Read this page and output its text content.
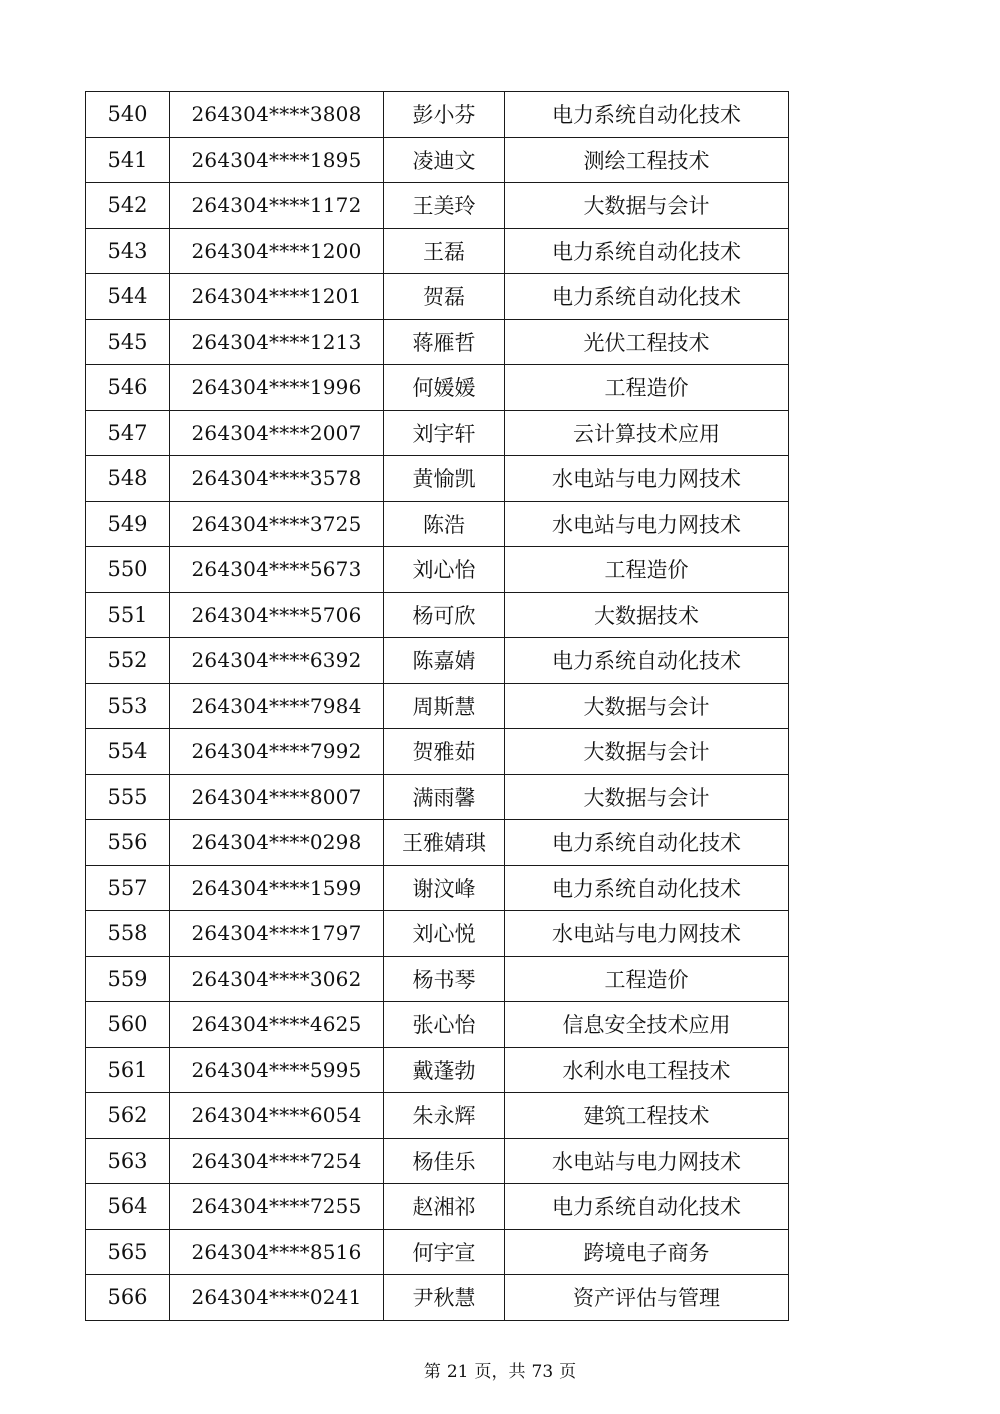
540	264304****3808	彭小芬	电力系统自动化技术
541	264304****1895	凌迪文	测绘工程技术
542	264304****1172	王美玲	大数据与会计
543	264304****1200	王磊	电力系统自动化技术
544	264304****1201	贺磊	电力系统自动化技术
545	264304****1213	蒋雁哲	光伏工程技术
546	264304****1996	何媛媛	工程造价
547	264304****2007	刘宇轩	云计算技术应用
548	264304****3578	黄愉凯	水电站与电力网技术
549	264304****3725	陈浩	水电站与电力网技术
550	264304****5673	刘心怡	工程造价
551	264304****5706	杨可欣	大数据技术
552	264304****6392	陈嘉婧	电力系统自动化技术
553	264304****7984	周斯慧	大数据与会计
554	264304****7992	贺雅茹	大数据与会计
555	264304****8007	满雨馨	大数据与会计
556	264304****0298	王雅婧琪	电力系统自动化技术
557	264304****1599	谢汶峰	电力系统自动化技术
558	264304****1797	刘心悦	水电站与电力网技术
559	264304****3062	杨书琴	工程造价
560	264304****4625	张心怡	信息安全技术应用
561	264304****5995	戴蓬勃	水利水电工程技术
562	264304****6054	朱永辉	建筑工程技术
563	264304****7254	杨佳乐	水电站与电力网技术
564	264304****7255	赵湘祁	电力系统自动化技术
565	264304****8516	何宇宣	跨境电子商务
566	264304****0241	尹秋慧	资产评估与管理
第 21 页，共 73 页
